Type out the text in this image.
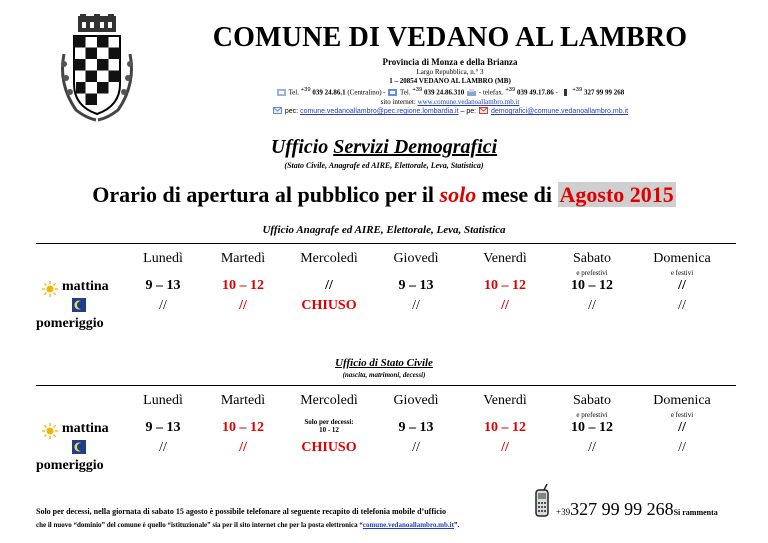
COMUNE DI VEDANO AL LAMBRO
Provincia di Monza e della Brianza
Largo Repubblica, n.° 3
1 – 20854 VEDANO AL LAMBRO (MB)
Tel. $^{+39}$ 039 24.86.1 (Centralino) - Tel. $^{+39}$ 039 24.86.310 - telefax. $^{+39}$ 039 49.17.86 -  $^{+39}$ 327 99 99 268
sito internet: www.comune.vedanoallambro.mb.it
pec: comune.vedanoallambro@pec.regione.lombardia.it – pe: demografici@comune.vedanoallambro.mb.it
Ufficio Servizi Demografici
(Stato Civile, Anagrafe ed AIRE, Elettorale, Leva, Statistica)
Orario di apertura al pubblico per il solo mese di Agosto 2015
Ufficio Anagrafe ed AIRE, Elettorale, Leva, Statistica
mattina
pomeriggio
Lunedì
9 – 13
//
Martedì
10 – 12
//
Mercoledì
//
CHIUSO
Giovedì
9 – 13
//
Venerdì
10 – 12
//
Sabato
e prefestivi
10 – 12
//
Domenica
e festivi
//
//
Ufficio di Stato Civile
(nascita, matrimoni, decessi)
mattina
pomeriggio
Lunedì
9 – 13
//
Martedì
10 – 12
//
Mercoledì
Solo per decessi:
10 - 12
CHIUSO
Giovedì
9 – 13
//
Venerdì
10 – 12
//
Sabato
e prefestivi
10 – 12
//
Domenica
e festivi
//
//
Solo per decessi, nella giornata di sabato 15 agosto è possibile telefonare al seguente recapito di telefonia mobile d’ufficio	+39327 99 99 268Si rammenta
che il nuovo “dominio” del comune è quello “istituzionale” sia per il sito internet che per la posta elettronica “comune.vedanoallambro.mb.it”.
